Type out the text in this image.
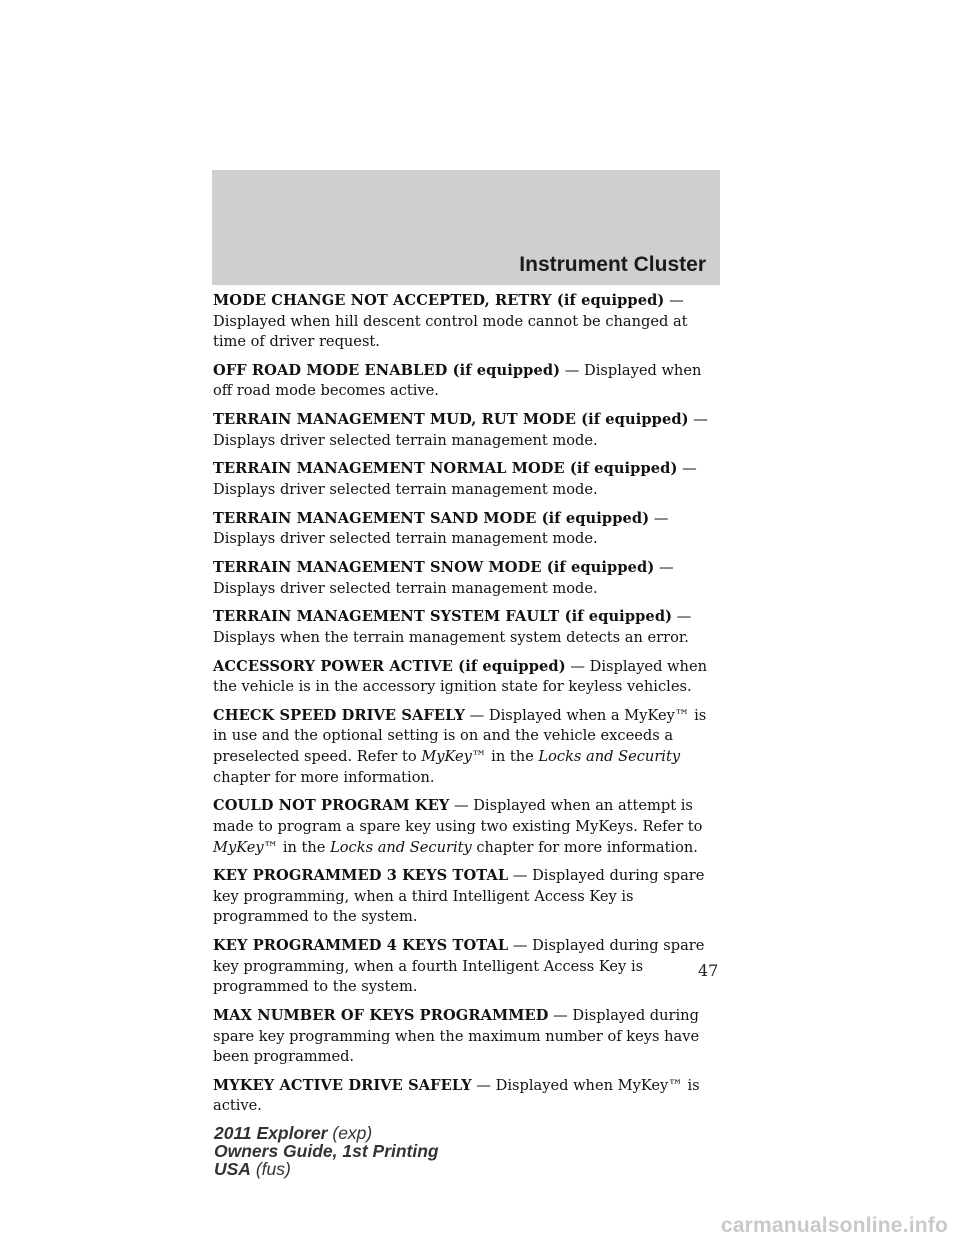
Instrument Cluster

MODE CHANGE NOT ACCEPTED, RETRY (if equipped) — Displayed when hill descent control mode cannot be changed at time of driver request.

OFF ROAD MODE ENABLED (if equipped) — Displayed when off road mode becomes active.

TERRAIN MANAGEMENT MUD, RUT MODE (if equipped) — Displays driver selected terrain management mode.

TERRAIN MANAGEMENT NORMAL MODE (if equipped) — Displays driver selected terrain management mode.

TERRAIN MANAGEMENT SAND MODE (if equipped) — Displays driver selected terrain management mode.

TERRAIN MANAGEMENT SNOW MODE (if equipped) — Displays driver selected terrain management mode.

TERRAIN MANAGEMENT SYSTEM FAULT (if equipped) — Displays when the terrain management system detects an error.

ACCESSORY POWER ACTIVE (if equipped) — Displayed when the vehicle is in the accessory ignition state for keyless vehicles.

CHECK SPEED DRIVE SAFELY — Displayed when a MyKey™ is in use and the optional setting is on and the vehicle exceeds a preselected speed. Refer to MyKey™ in the Locks and Security chapter for more information.

COULD NOT PROGRAM KEY — Displayed when an attempt is made to program a spare key using two existing MyKeys. Refer to MyKey™ in the Locks and Security chapter for more information.

KEY PROGRAMMED 3 KEYS TOTAL — Displayed during spare key programming, when a third Intelligent Access Key is programmed to the system.

KEY PROGRAMMED 4 KEYS TOTAL — Displayed during spare key programming, when a fourth Intelligent Access Key is programmed to the system.

MAX NUMBER OF KEYS PROGRAMMED — Displayed during spare key programming when the maximum number of keys have been programmed.

MYKEY ACTIVE DRIVE SAFELY — Displayed when MyKey™ is active.

47
2011 Explorer (exp)
Owners Guide, 1st Printing
USA (fus)
carmanualsonline.info
